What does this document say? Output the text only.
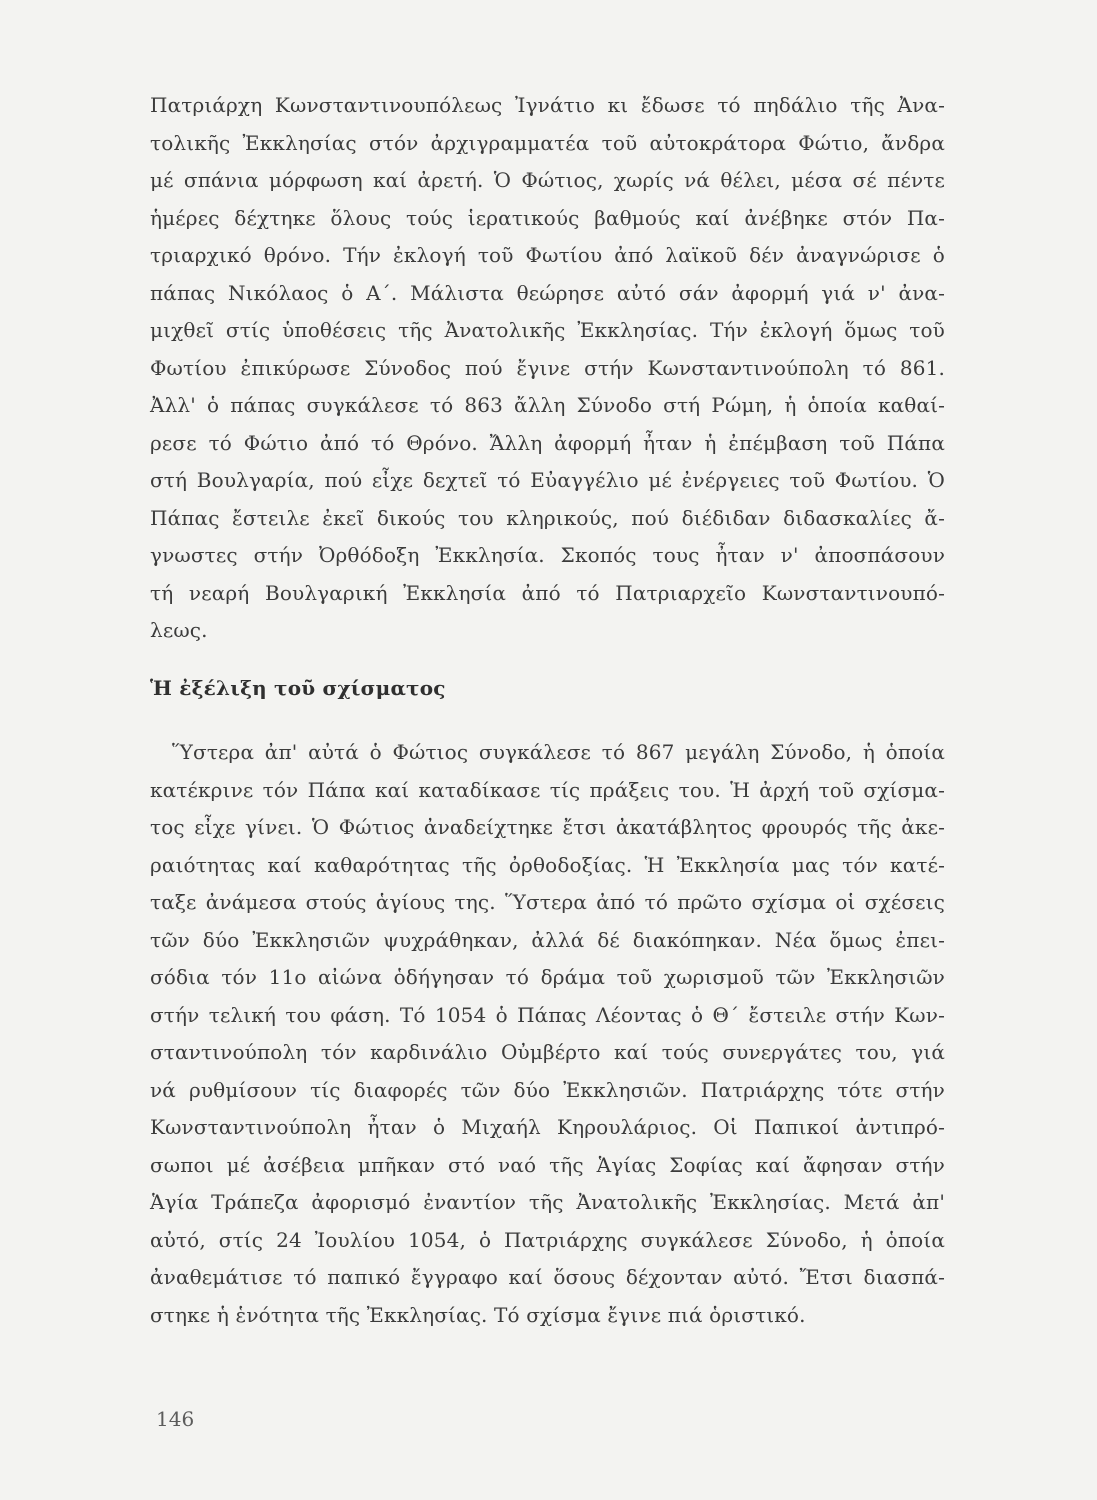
Πατριάρχη Κωνσταντινουπόλεως Ἰγνάτιο κι ἔδωσε τό πηδάλιο τῆς Ἀνα-
τολικῆς Ἐκκλησίας στόν ἀρχιγραμματέα τοῦ αὐτοκράτορα Φώτιο, ἄνδρα
μέ σπάνια μόρφωση καί ἀρετή. Ὁ Φώτιος, χωρίς νά θέλει, μέσα σέ πέντε
ἡμέρες δέχτηκε ὅλους τούς ἱερατικούς βαθμούς καί ἀνέβηκε στόν Πα-
τριαρχικό θρόνο. Τήν ἐκλογή τοῦ Φωτίου ἀπό λαϊκοῦ δέν ἀναγνώρισε ὁ
πάπας Νικόλαος ὁ Α΄. Μάλιστα θεώρησε αὐτό σάν ἀφορμή γιά ν' ἀνα-
μιχθεῖ στίς ὑποθέσεις τῆς Ἀνατολικῆς Ἐκκλησίας. Τήν ἐκλογή ὅμως τοῦ
Φωτίου ἐπικύρωσε Σύνοδος πού ἔγινε στήν Κωνσταντινούπολη τό 861.
Ἀλλ' ὁ πάπας συγκάλεσε τό 863 ἄλλη Σύνοδο στή Ρώμη, ἡ ὁποία καθαί-
ρεσε τό Φώτιο ἀπό τό Θρόνο. Ἄλλη ἀφορμή ἦταν ἡ ἐπέμβαση τοῦ Πάπα
στή Βουλγαρία, πού εἶχε δεχτεῖ τό Εὐαγγέλιο μέ ἐνέργειες τοῦ Φωτίου. Ὁ
Πάπας ἔστειλε ἐκεῖ δικούς του κληρικούς, πού διέδιδαν διδασκαλίες ἄ-
γνωστες στήν Ὀρθόδοξη Ἐκκλησία. Σκοπός τους ἦταν ν' ἀποσπάσουν
τή νεαρή Βουλγαρική Ἐκκλησία ἀπό τό Πατριαρχεῖο Κωνσταντινουπό-
λεως.
Ἡ ἐξέλιξη τοῦ σχίσματος
Ὕστερα ἀπ' αὐτά ὁ Φώτιος συγκάλεσε τό 867 μεγάλη Σύνοδο, ἡ ὁποία
κατέκρινε τόν Πάπα καί καταδίκασε τίς πράξεις του. Ἡ ἀρχή τοῦ σχίσμα-
τος εἶχε γίνει. Ὁ Φώτιος ἀναδείχτηκε ἔτσι ἀκατάβλητος φρουρός τῆς ἀκε-
ραιότητας καί καθαρότητας τῆς ὀρθοδοξίας. Ἡ Ἐκκλησία μας τόν κατέ-
ταξε ἀνάμεσα στούς ἁγίους της. Ὕστερα ἀπό τό πρῶτο σχίσμα οἱ σχέσεις
τῶν δύο Ἐκκλησιῶν ψυχράθηκαν, ἀλλά δέ διακόπηκαν. Νέα ὅμως ἐπει-
σόδια τόν 11ο αἰώνα ὁδήγησαν τό δράμα τοῦ χωρισμοῦ τῶν Ἐκκλησιῶν
στήν τελική του φάση. Τό 1054 ὁ Πάπας Λέοντας ὁ Θ΄ ἔστειλε στήν Κων-
σταντινούπολη τόν καρδινάλιο Οὐμβέρτο καί τούς συνεργάτες του, γιά
νά ρυθμίσουν τίς διαφορές τῶν δύο Ἐκκλησιῶν. Πατριάρχης τότε στήν
Κωνσταντινούπολη ἦταν ὁ Μιχαήλ Κηρουλάριος. Οἱ Παπικοί ἀντιπρό-
σωποι μέ ἀσέβεια μπῆκαν στό ναό τῆς Ἁγίας Σοφίας καί ἄφησαν στήν
Ἁγία Τράπεζα ἀφορισμό ἐναντίον τῆς Ἀνατολικῆς Ἐκκλησίας. Μετά ἀπ'
αὐτό, στίς 24 Ἰουλίου 1054, ὁ Πατριάρχης συγκάλεσε Σύνοδο, ἡ ὁποία
ἀναθεμάτισε τό παπικό ἔγγραφο καί ὅσους δέχονταν αὐτό. Ἔτσι διασπά-
στηκε ἡ ἑνότητα τῆς Ἐκκλησίας. Τό σχίσμα ἔγινε πιά ὁριστικό.
146
